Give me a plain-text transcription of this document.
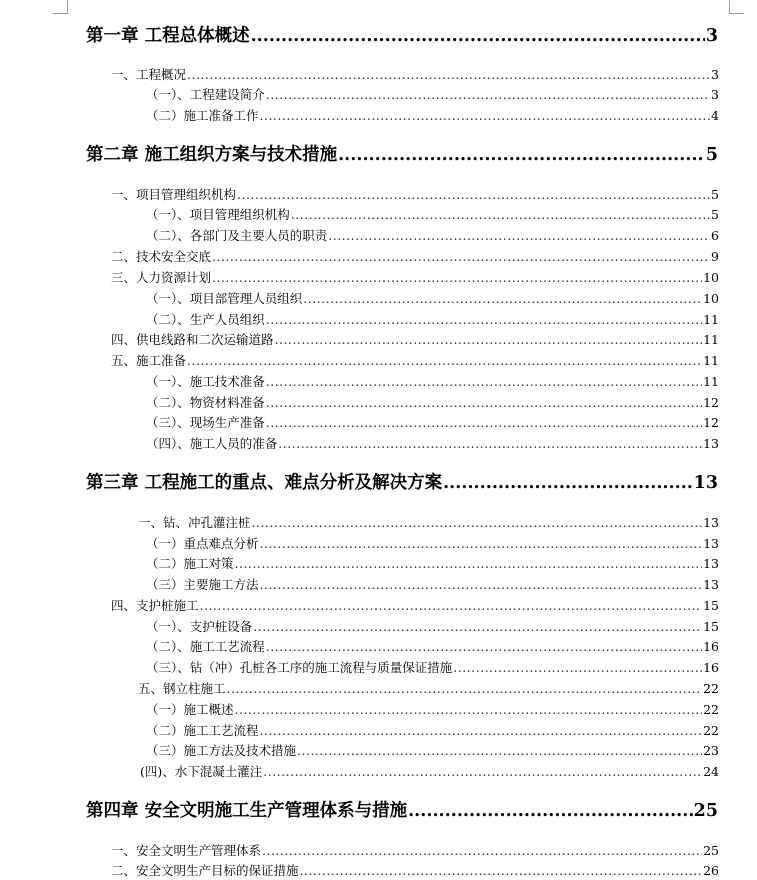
第一章 工程总体概述 .....	3
一、工程概况 .....	3
（一）、工程建设简介 .....	3
（二）施工准备工作 .....	4
第二章 施工组织方案与技术措施 .....	5
一、项目管理组织机构 .....	5
（一）、项目管理组织机构 .....	5
（二）、各部门及主要人员的职责 .....	6
二、技术安全交底 .....	9
三、人力资源计划 .....	10
（一）、项目部管理人员组织 .....	10
（二）、生产人员组织 .....	11
四、供电线路和二次运输道路 .....	11
五、施工准备 .....	11
（一）、施工技术准备 .....	11
（二）、物资材料准备 .....	12
（三）、现场生产准备 .....	12
（四）、施工人员的准备 .....	13
第三章 工程施工的重点、难点分析及解决方案 .....	13
一、钻、冲孔灌注桩 .....	13
（一）重点难点分析 .....	13
（二）施工对策 .....	13
（三）主要施工方法 .....	13
四、支护桩施工 .....	15
（一）、支护桩设备 .....	15
（二）、施工工艺流程 .....	16
（三）、钻（冲）孔桩各工序的施工流程与质量保证措施 .....	16
五、钢立柱施工 .....	22
（一）施工概述 .....	22
（二）施工工艺流程 .....	22
（三）施工方法及技术措施 .....	23
(四)、水下混凝土灌注 .....	24
第四章 安全文明施工生产管理体系与措施 .....	25
一、安全文明生产管理体系 .....	25
二、安全文明生产目标的保证措施 .....	26
